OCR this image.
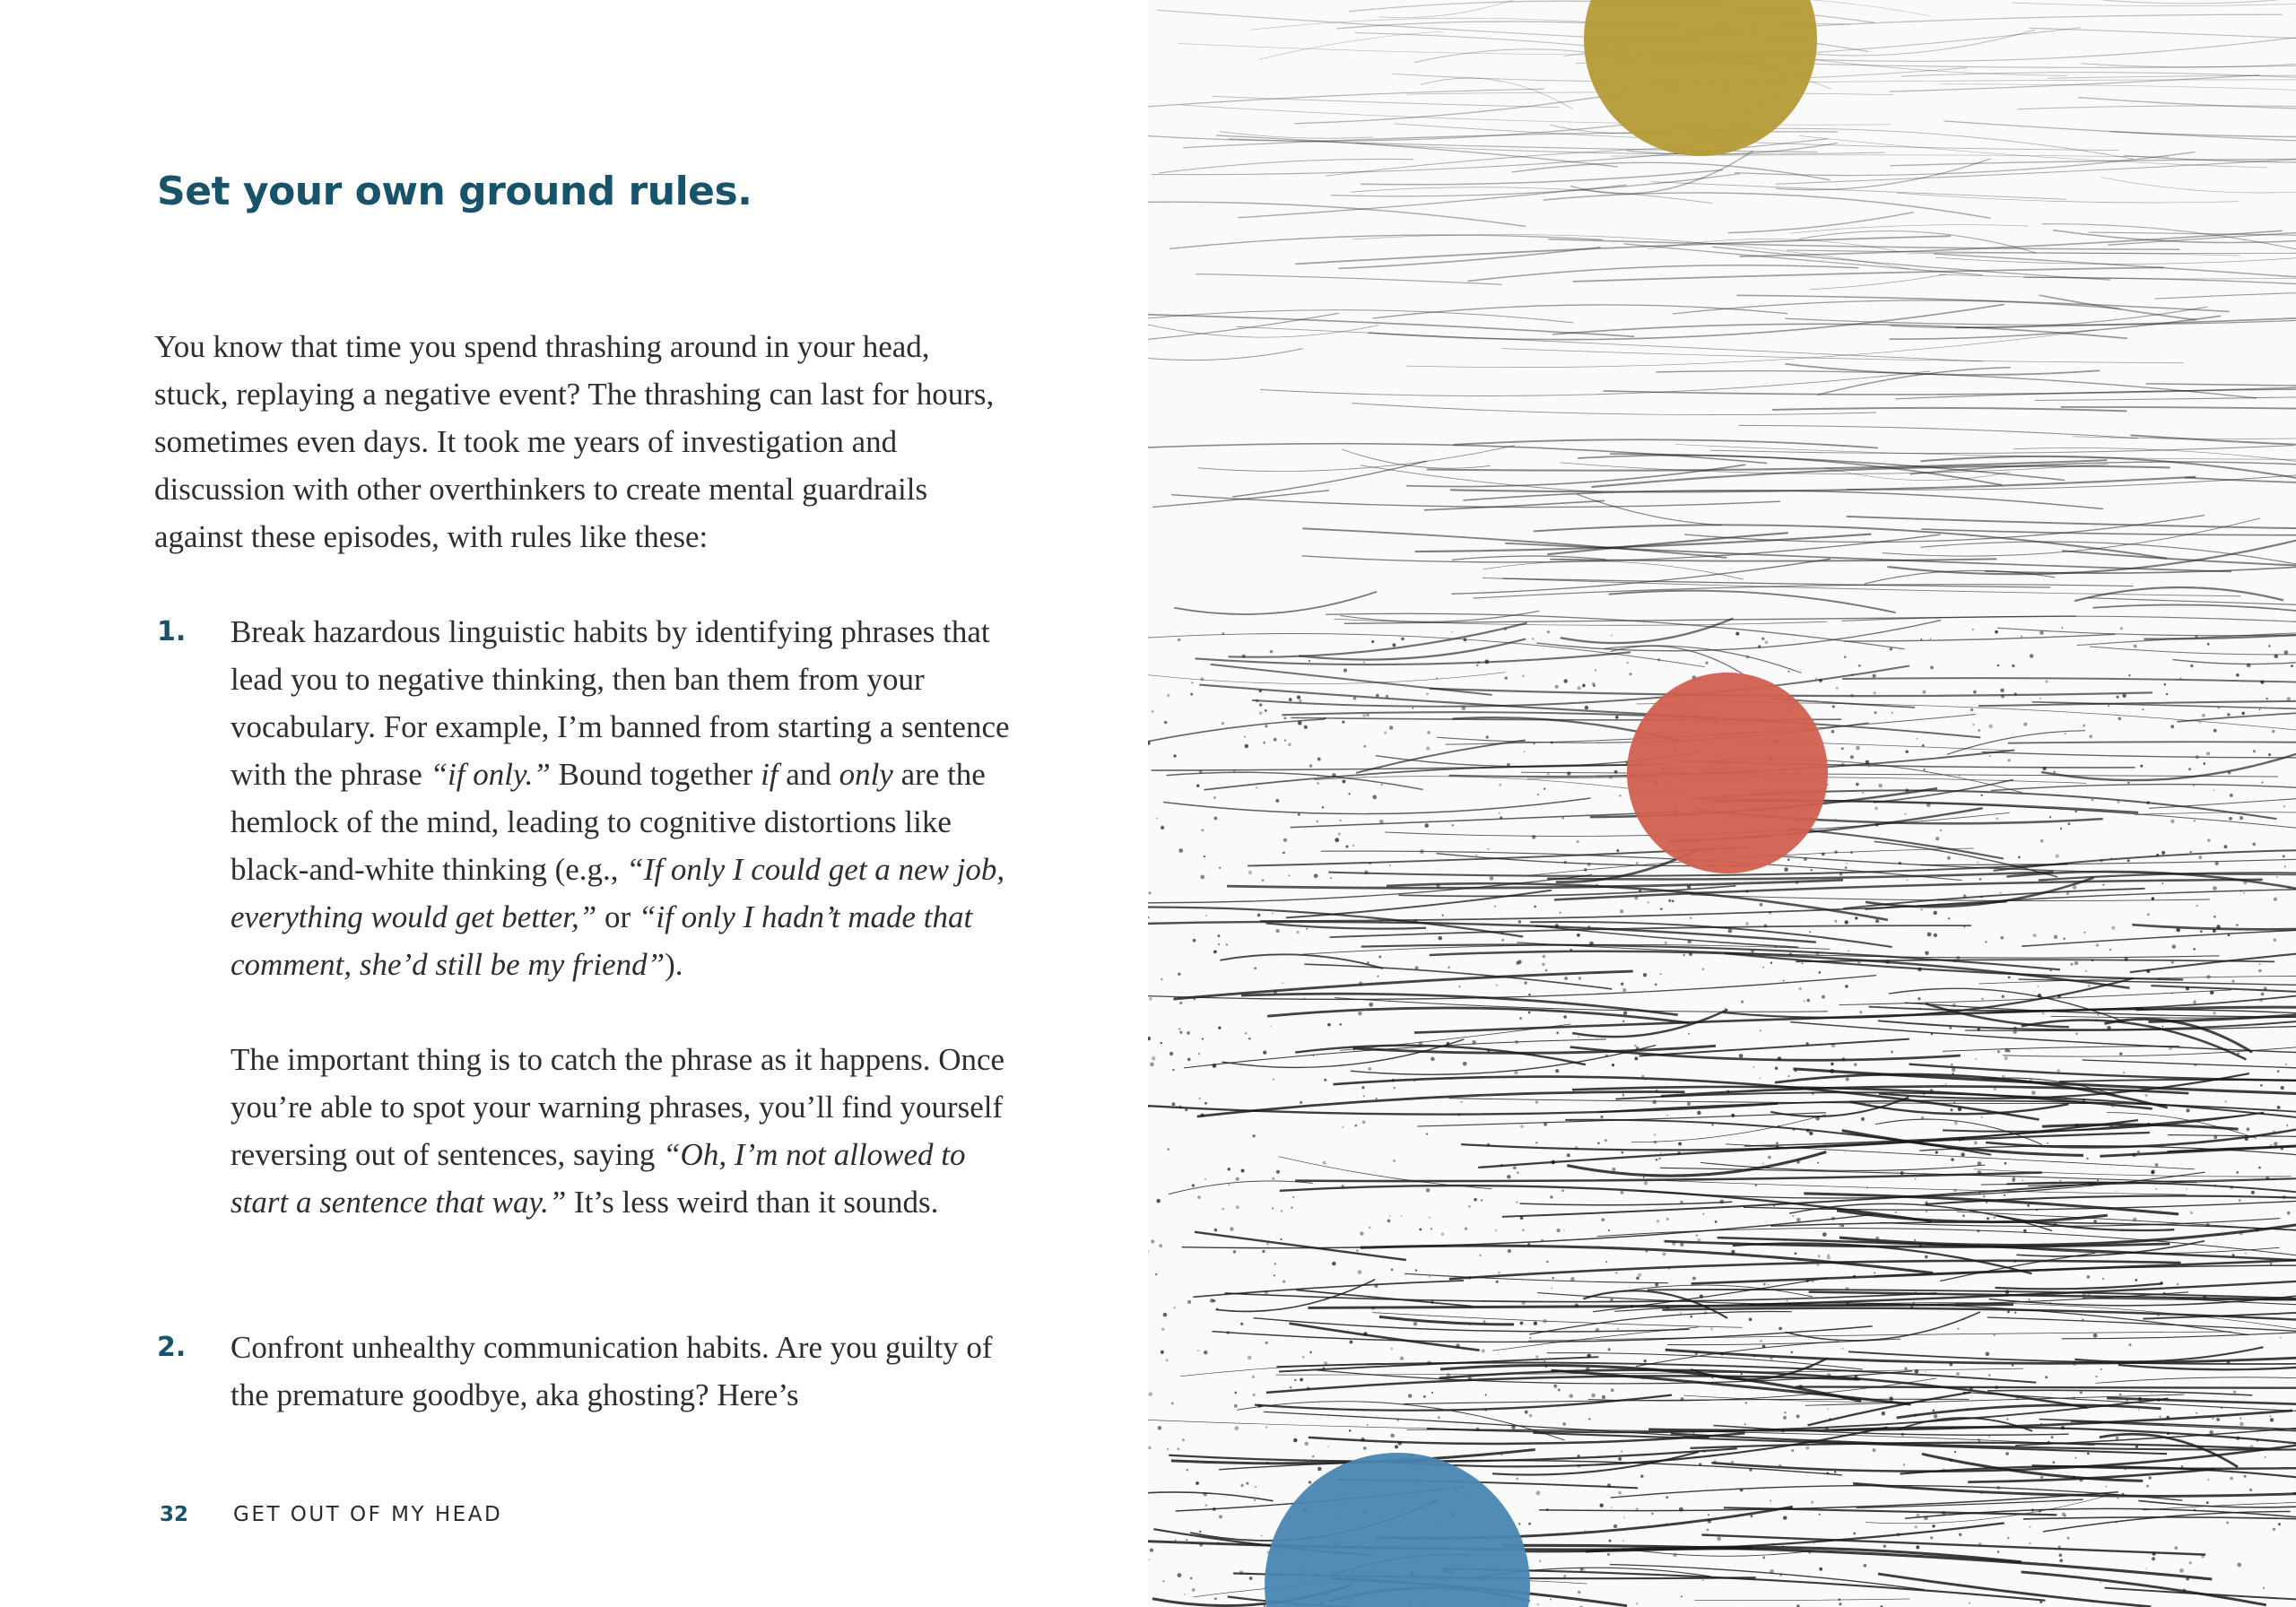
Set your own ground rules.

You know that time you spend thrashing around in your head, stuck, replaying a negative event? The thrashing can last for hours, sometimes even days. It took me years of investigation and discussion with other overthinkers to create mental guardrails against these episodes, with rules like these:

1. Break hazardous linguistic habits by identifying phrases that lead you to negative thinking, then ban them from your vocabulary. For example, I’m banned from starting a sentence with the phrase “if only.” Bound together if and only are the hemlock of the mind, leading to cognitive distortions like black-and-white thinking (e.g., “If only I could get a new job, everything would get better,” or “if only I hadn’t made that comment, she’d still be my friend”).

The important thing is to catch the phrase as it happens. Once you’re able to spot your warning phrases, you’ll find yourself reversing out of sentences, saying “Oh, I’m not allowed to start a sentence that way.” It’s less weird than it sounds.

2. Confront unhealthy communication habits. Are you guilty of the premature goodbye, aka ghosting? Here’s

32 GET OUT OF MY HEAD
